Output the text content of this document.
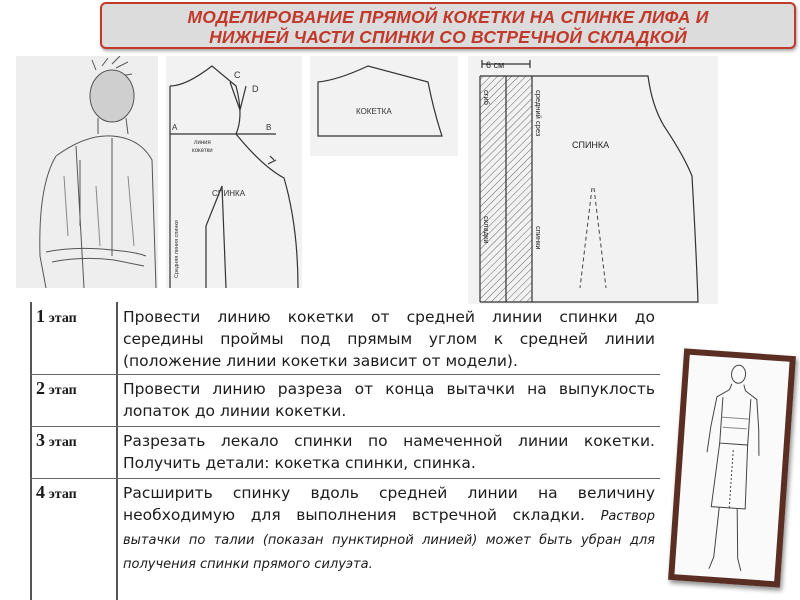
МОДЕЛИРОВАНИЕ ПРЯМОЙ КОКЕТКИ НА СПИНКЕ ЛИФА И
НИЖНЕЙ ЧАСТИ СПИНКИ СО ВСТРЕЧНОЙ СКЛАДКОЙ
С
D
А	В
линия
кокетки
СПИНКА
Средняя линия спинки
КОКЕТКА
6 см
сгиб	средний срез
складки	спинки
СПИНКА
1 этап	Провести линию кокетки от средней линии спинки до середины проймы под прямым углом к средней линии (положение линии кокетки зависит от модели).
2 этап	Провести линию разреза от конца вытачки на выпуклость лопаток до линии кокетки.
3 этап	Разрезать лекало спинки по намеченной линии кокетки. Получить детали: кокетка спинки, спинка.
4 этап	Расширить спинку вдоль средней линии на величину необходимую для выполнения встречной складки. Раствор вытачки по талии (показан пунктирной линией) может быть убран для получения спинки прямого силуэта.
